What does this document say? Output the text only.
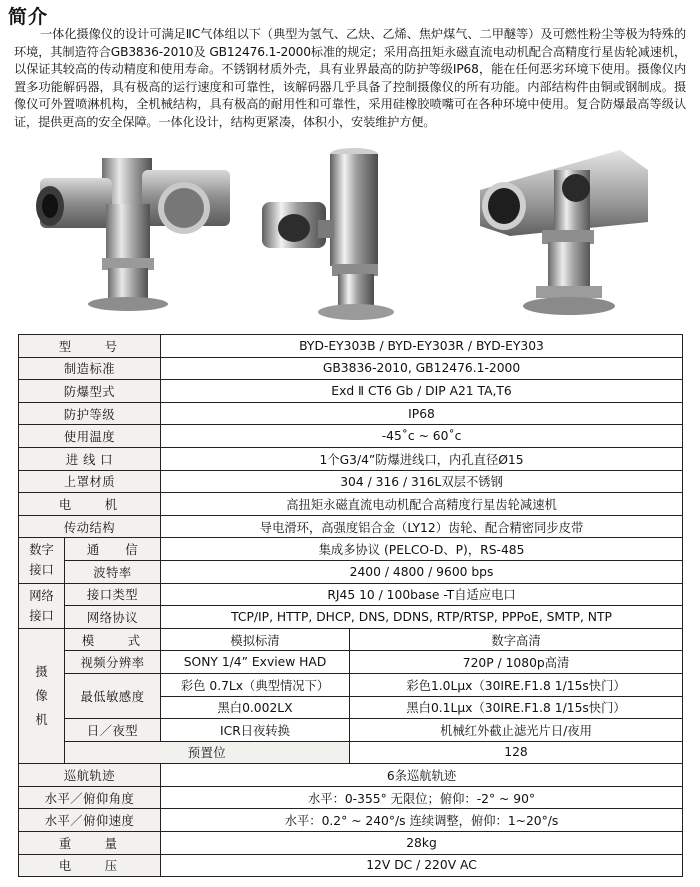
简介
一体化摄像仪的设计可满足ⅡC气体组以下（典型为氢气、乙炔、乙烯、焦炉煤气、二甲醚等）及可燃性粉尘等极为特殊的环境，其制造符合GB3836-2010及 GB12476.1-2000标准的规定；采用高扭矩永磁直流电动机配合高精度行星齿轮减速机，以保证其较高的传动精度和使用寿命。不锈钢材质外壳，具有业界最高的防护等级IP68，能在任何恶劣环境下使用。摄像仪内置多功能解码器，具有极高的运行速度和可靠性，该解码器几乎具备了控制摄像仪的所有功能。内部结构件由铜或钢制成。摄像仪可外置喷淋机构，全机械结构，具有极高的耐用性和可靠性，采用硅橡胶喷嘴可在各种环境中使用。复合防爆最高等级认证，提供更高的安全保障。一体化设计，结构更紧凑，体积小，安装维护方便。
型　　号		BYD-EY303B / BYD-EY303R / BYD-EY303	
制造标准		GB3836-2010, GB12476.1-2000	
防爆型式		Exd Ⅱ CT6 Gb / DIP A21 TA,T6	
防护等级		IP68	
使用温度		-45˚c ~ 60˚c	
进 线 口		1个G3/4”防爆进线口，内孔直径Ø15	
上罩材质		304 / 316 / 316L双层不锈钢	
电　　机		高扭矩永磁直流电动机配合高精度行星齿轮减速机	
传动结构		导电滑环，高强度铝合金（LY12）齿轮、配合精密同步皮带	
数字
接口	通　　信	集成多协议 (PELCO-D、P)，RS-485	
	波特率	2400 / 4800 / 9600 bps	
网络
接口	接口类型	RJ45 10 / 100base -T自适应电口	
	网络协议	TCP/IP, HTTP, DHCP, DNS, DDNS, RTP/RTSP, PPPoE, SMTP, NTP	
摄
像
机	模　　式	模拟标清	数字高清
	视频分辨率	SONY 1/4” Exview HAD	720P / 1080p高清
	最低敏感度	彩色 0.7Lx（典型情况下）	彩色1.0Lµx（30IRE.F1.8 1/15s快门）
		黑白0.002LX	黑白0.1Lµx（30IRE.F1.8 1/15s快门）
	日／夜型	ICR日夜转换	机械红外截止滤光片日/夜用
	预置位		128
巡航轨迹		6条巡航轨迹	
水平／俯仰角度		水平：0-355° 无限位；俯仰：-2° ~ 90°	
水平／俯仰速度		水平：0.2° ~ 240°/s 连续调整，俯仰：1~20°/s	
重　　量		28kg	
电　　压		12V DC / 220V AC	
